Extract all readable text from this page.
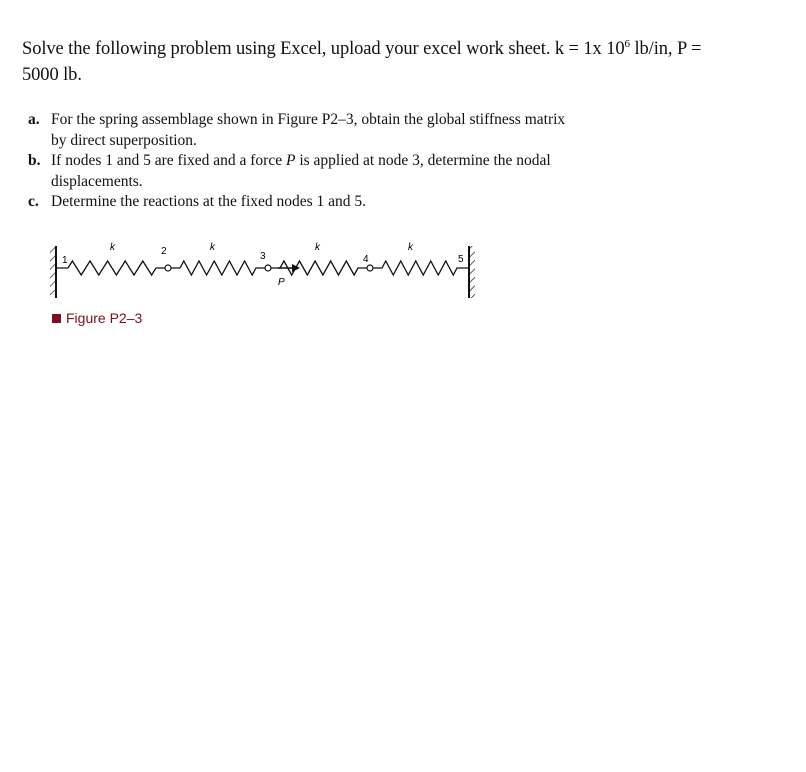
Solve the following problem using Excel, upload your excel work sheet. k = 1x $10^6$ lb/in, P =
5000 lb.
a. For the spring assemblage shown in Figure P2–3, obtain the global stiffness matrix
by direct superposition.
b. If nodes 1 and 5 are fixed and a force P is applied at node 3, determine the nodal
displacements.
c. Determine the reactions at the fixed nodes 1 and 5.
k	k	k	k
1
2	3	4	5
P
Figure P2–3
